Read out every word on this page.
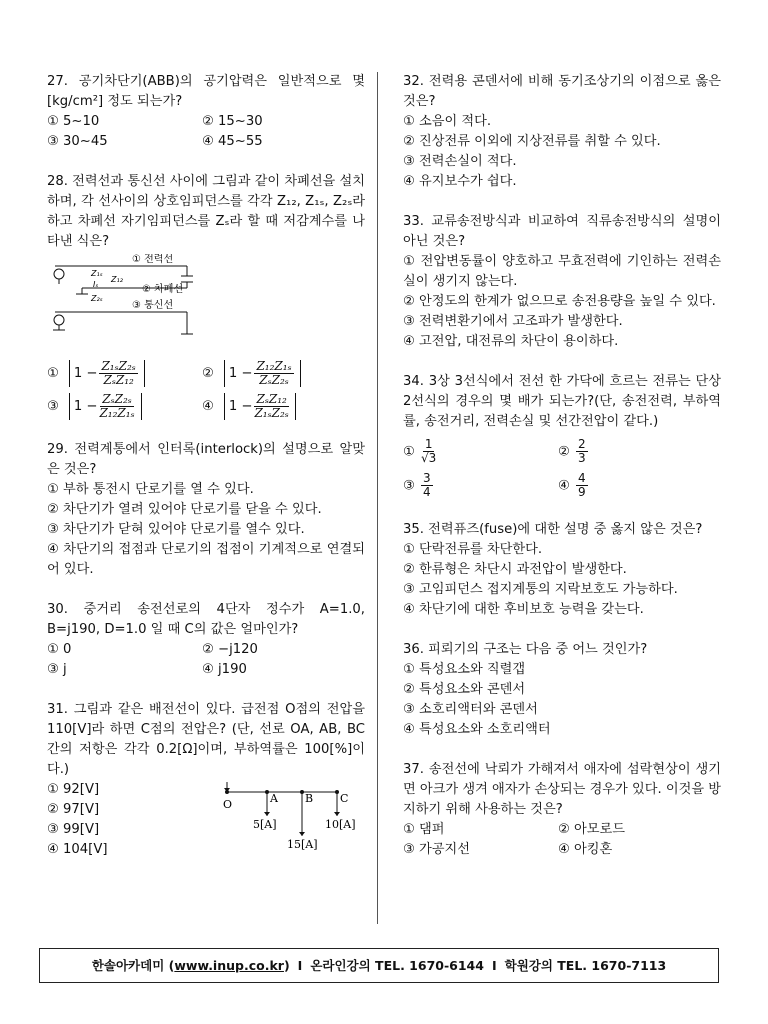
27. 공기차단기(ABB)의 공기압력은 일반적으로 몇 [kg/cm²] 정도 되는가?
① 5~10	② 15~30
③ 30~45	④ 45~55
28. 전력선과 통신선 사이에 그림과 같이 차폐선을 설치하며, 각 선사이의 상호임피던스를 각각 Z₁₂, Z₁ₛ, Z₂ₛ라 하고 차폐선 자기임피던스를 Zₛ라 할 때 저감계수를 나타낸 식은?
① 전력선
② 차폐선
Z₁ₛ
Iₛ
Z₁₂
Z₂ₛ
③ 통신선
① $1 - \frac{\text{Z₁ₛZ₂ₛ}}{\text{ZₛZ₁₂}}$	② $1 - \frac{\text{Z₁₂Z₁ₛ}}{\text{ZₛZ₂ₛ}}$
③ $1 - \frac{\text{ZₛZ₂ₛ}}{\text{Z₁₂Z₁ₛ}}$	④ $1 - \frac{\text{ZₛZ₁₂}}{\text{Z₁ₛZ₂ₛ}}$
29. 전력계통에서 인터록(interlock)의 설명으로 알맞은 것은?
① 부하 통전시 단로기를 열 수 있다.
② 차단기가 열려 있어야 단로기를 닫을 수 있다.
③ 차단기가 닫혀 있어야 단로기를 열수 있다.
④ 차단기의 접점과 단로기의 접점이 기계적으로 연결되어 있다.
30. 중거리 송전선로의 4단자 정수가 A=1.0, B=j190, D=1.0 일 때 C의 값은 얼마인가?
① 0	② −j120
③ j	④ j190
31. 그림과 같은 배전선이 있다. 급전점 O점의 전압을 110[V]라 하면 C점의 전압은? (단, 선로 OA, AB, BC간의 저항은 각각 0.2[Ω]이며, 부하역률은 100[%]이다.)
① 92[V]
② 97[V]
③ 99[V]
④ 104[V]
O	A B C
5[A]	10[A]
15[A]
32. 전력용 콘덴서에 비해 동기조상기의 이점으로 옳은 것은?
① 소음이 적다.
② 진상전류 이외에 지상전류를 취할 수 있다.
③ 전력손실이 적다.
④ 유지보수가 쉽다.
33. 교류송전방식과 비교하여 직류송전방식의 설명이 아닌 것은?
① 전압변동률이 양호하고 무효전력에 기인하는 전력손실이 생기지 않는다.
② 안정도의 한계가 없으므로 송전용량을 높일 수 있다.
③ 전력변환기에서 고조파가 발생한다.
④ 고전압, 대전류의 차단이 용이하다.
34. 3상 3선식에서 전선 한 가닥에 흐르는 전류는 단상 2선식의 경우의 몇 배가 되는가?(단, 송전전력, 부하역률, 송전거리, 전력손실 및 선간전압이 같다.)
① $\frac{1}{√3}$	② $\frac{2}{3}$
③ $\frac{3}{4}$	④ $\frac{4}{9}$
35. 전력퓨즈(fuse)에 대한 설명 중 옳지 않은 것은?
① 단락전류를 차단한다.
② 한류형은 차단시 과전압이 발생한다.
③ 고임피던스 접지계통의 지락보호도 가능하다.
④ 차단기에 대한 후비보호 능력을 갖는다.
36. 피뢰기의 구조는 다음 중 어느 것인가?
① 특성요소와 직렬갭
② 특성요소와 콘덴서
③ 소호리액터와 콘덴서
④ 특성요소와 소호리액터
37. 송전선에 낙뢰가 가해져서 애자에 섬락현상이 생기면 아크가 생겨 애자가 손상되는 경우가 있다. 이것을 방지하기 위해 사용하는 것은?
① 댐퍼	② 아모로드
③ 가공지선	④ 아킹혼
한솔아카데미 ( www.inup.co.kr ) I 온라인강의 TEL. 1670-6144 I 학원강의 TEL. 1670-7113
